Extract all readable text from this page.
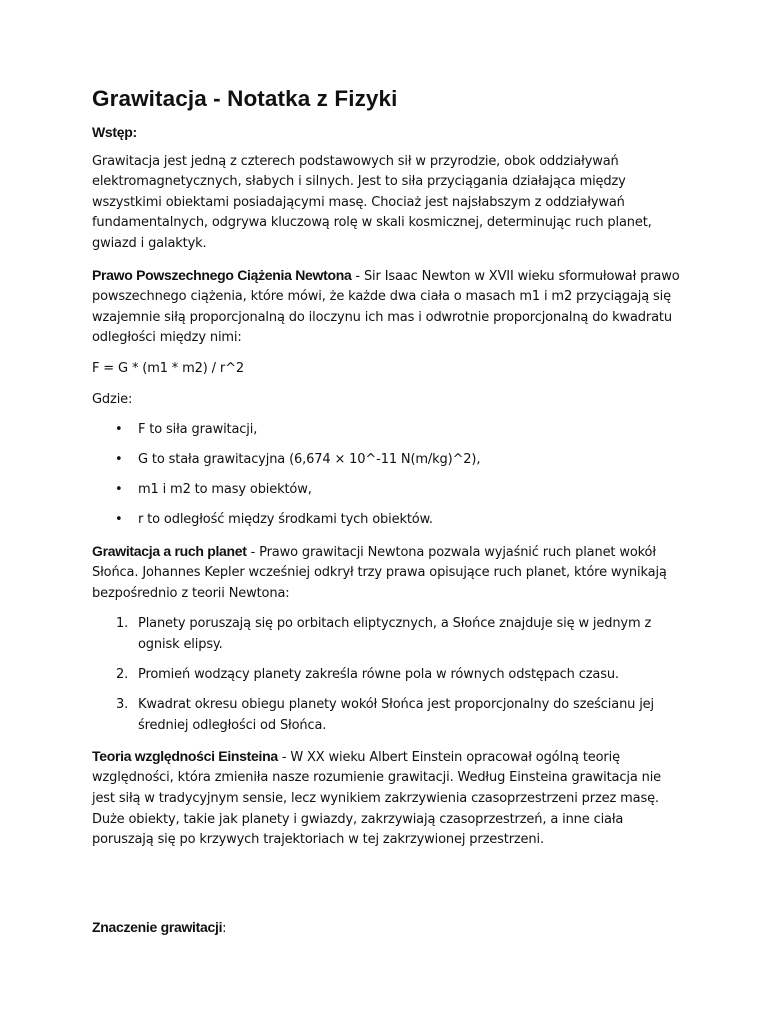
Grawitacja - Notatka z Fizyki
Wstęp:

Grawitacja jest jedną z czterech podstawowych sił w przyrodzie, obok oddziaływań elektromagnetycznych, słabych i silnych. Jest to siła przyciągania działająca między wszystkimi obiektami posiadającymi masę. Chociaż jest najsłabszym z oddziaływań fundamentalnych, odgrywa kluczową rolę w skali kosmicznej, determinując ruch planet, gwiazd i galaktyk.

Prawo Powszechnego Ciążenia Newtona - Sir Isaac Newton w XVII wieku sformułował prawo powszechnego ciążenia, które mówi, że każde dwa ciała o masach m1 i m2 przyciągają się wzajemnie siłą proporcjonalną do iloczynu ich mas i odwrotnie proporcjonalną do kwadratu odległości między nimi:

F = G * (m1 * m2) / r^2

Gdzie:

• F to siła grawitacji,
• G to stała grawitacyjna (6,674 × 10^-11 N(m/kg)^2),
• m1 i m2 to masy obiektów,
• r to odległość między środkami tych obiektów.

Grawitacja a ruch planet - Prawo grawitacji Newtona pozwala wyjaśnić ruch planet wokół Słońca. Johannes Kepler wcześniej odkrył trzy prawa opisujące ruch planet, które wynikają bezpośrednio z teorii Newtona:

1. Planety poruszają się po orbitach eliptycznych, a Słońce znajduje się w jednym z ognisk elipsy.
2. Promień wodzący planety zakreśla równe pola w równych odstępach czasu.
3. Kwadrat okresu obiegu planety wokół Słońca jest proporcjonalny do sześcianu jej średniej odległości od Słońca.

Teoria względności Einsteina - W XX wieku Albert Einstein opracował ogólną teorię względności, która zmieniła nasze rozumienie grawitacji. Według Einsteina grawitacja nie jest siłą w tradycyjnym sensie, lecz wynikiem zakrzywienia czasoprzestrzeni przez masę. Duże obiekty, takie jak planety i gwiazdy, zakrzywiają czasoprzestrzeń, a inne ciała poruszają się po krzywych trajektoriach w tej zakrzywionej przestrzeni.

Znaczenie grawitacji:
